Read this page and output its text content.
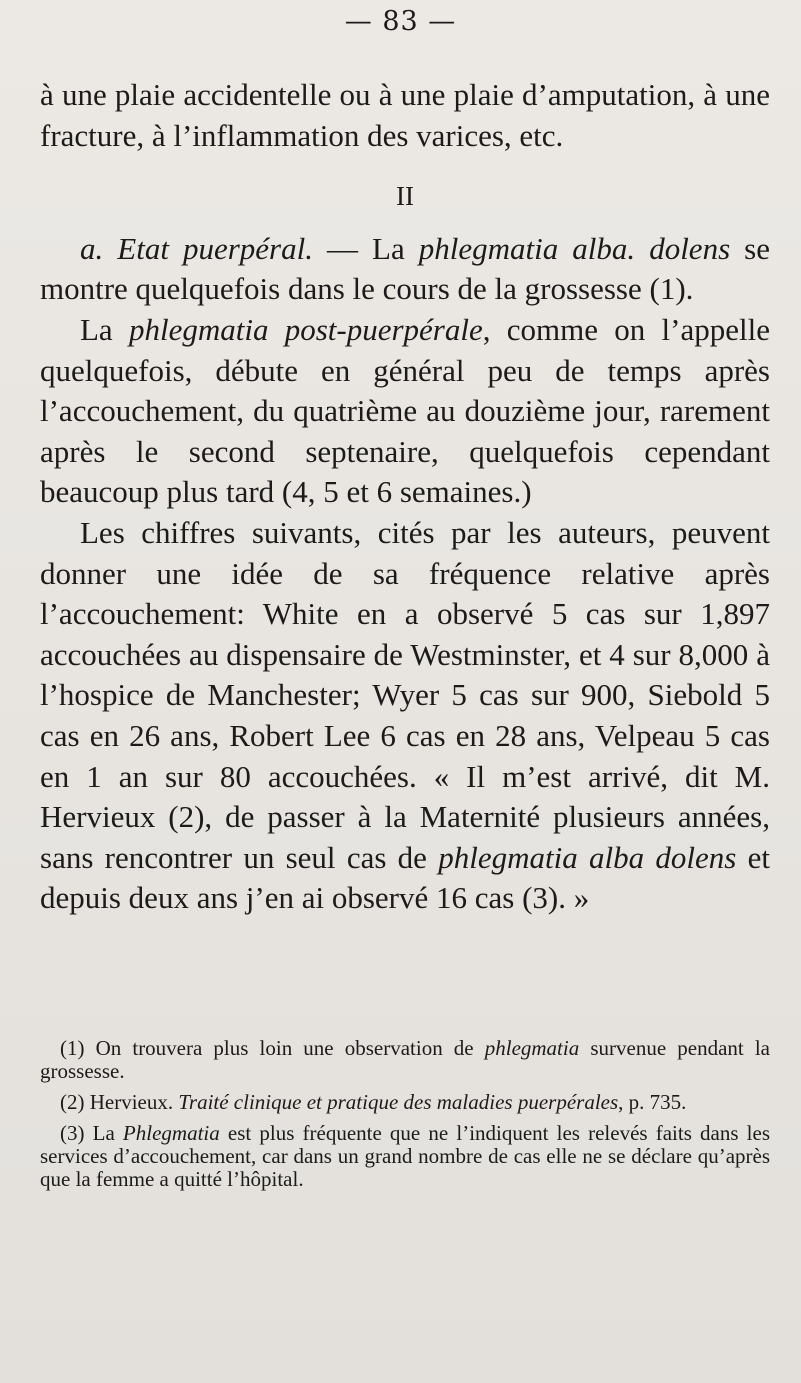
— 83 —

à une plaie accidentelle ou à une plaie d’amputation, à une fracture, à l’inflammation des varices, etc.

II

a. Etat puerpéral. — La phlegmatia alba. dolens se montre quelquefois dans le cours de la grossesse (1).

La phlegmatia post-puerpérale, comme on l’appelle quelquefois, débute en général peu de temps après l’accouchement, du quatrième au douzième jour, rarement après le second septenaire, quelquefois cependant beaucoup plus tard (4, 5 et 6 semaines.)

Les chiffres suivants, cités par les auteurs, peuvent donner une idée de sa fréquence relative après l’accouchement: White en a observé 5 cas sur 1,897 accouchées au dispensaire de Westminster, et 4 sur 8,000 à l’hospice de Manchester; Wyer 5 cas sur 900, Siebold 5 cas en 26 ans, Robert Lee 6 cas en 28 ans, Velpeau 5 cas en 1 an sur 80 accouchées. « Il m’est arrivé, dit M. Hervieux (2), de passer à la Maternité plusieurs années, sans rencontrer un seul cas de phlegmatia alba dolens et depuis deux ans j’en ai observé 16 cas (3). »

(1) On trouvera plus loin une observation de phlegmatia survenue pendant la grossesse.

(2) Hervieux. Traité clinique et pratique des maladies puerpérales, p. 735.

(3) La Phlegmatia est plus fréquente que ne l’indiquent les relevés faits dans les services d’accouchement, car dans un grand nombre de cas elle ne se déclare qu’après que la femme a quitté l’hôpital.
